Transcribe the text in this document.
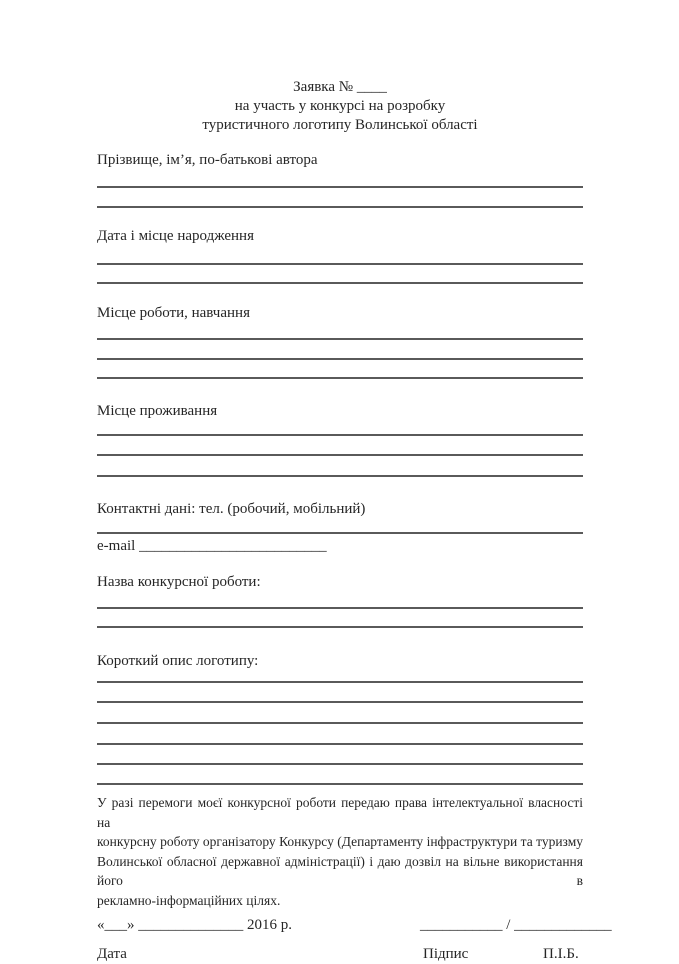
Заявка № ____
на участь у конкурсі на розробку
туристичного логотипу Волинської області
Прізвище, ім’я, по-батькові автора
Дата і місце народження
Місце роботи, навчання
Місце проживання
Контактні дані: тел. (робочий, мобільний)
e-mail _________________________
Назва конкурсної роботи:
Короткий опис логотипу:
У разі перемоги моєї конкурсної роботи передаю права інтелектуальної власності на
конкурсну роботу організатору Конкурсу (Департаменту інфраструктури та туризму
Волинської обласної державної адміністрації) і даю дозвіл на вільне використання його в
рекламно-інформаційних цілях.
«___» ______________ 2016 р.	___________ / _____________
Дата	Підпис	П.І.Б.
